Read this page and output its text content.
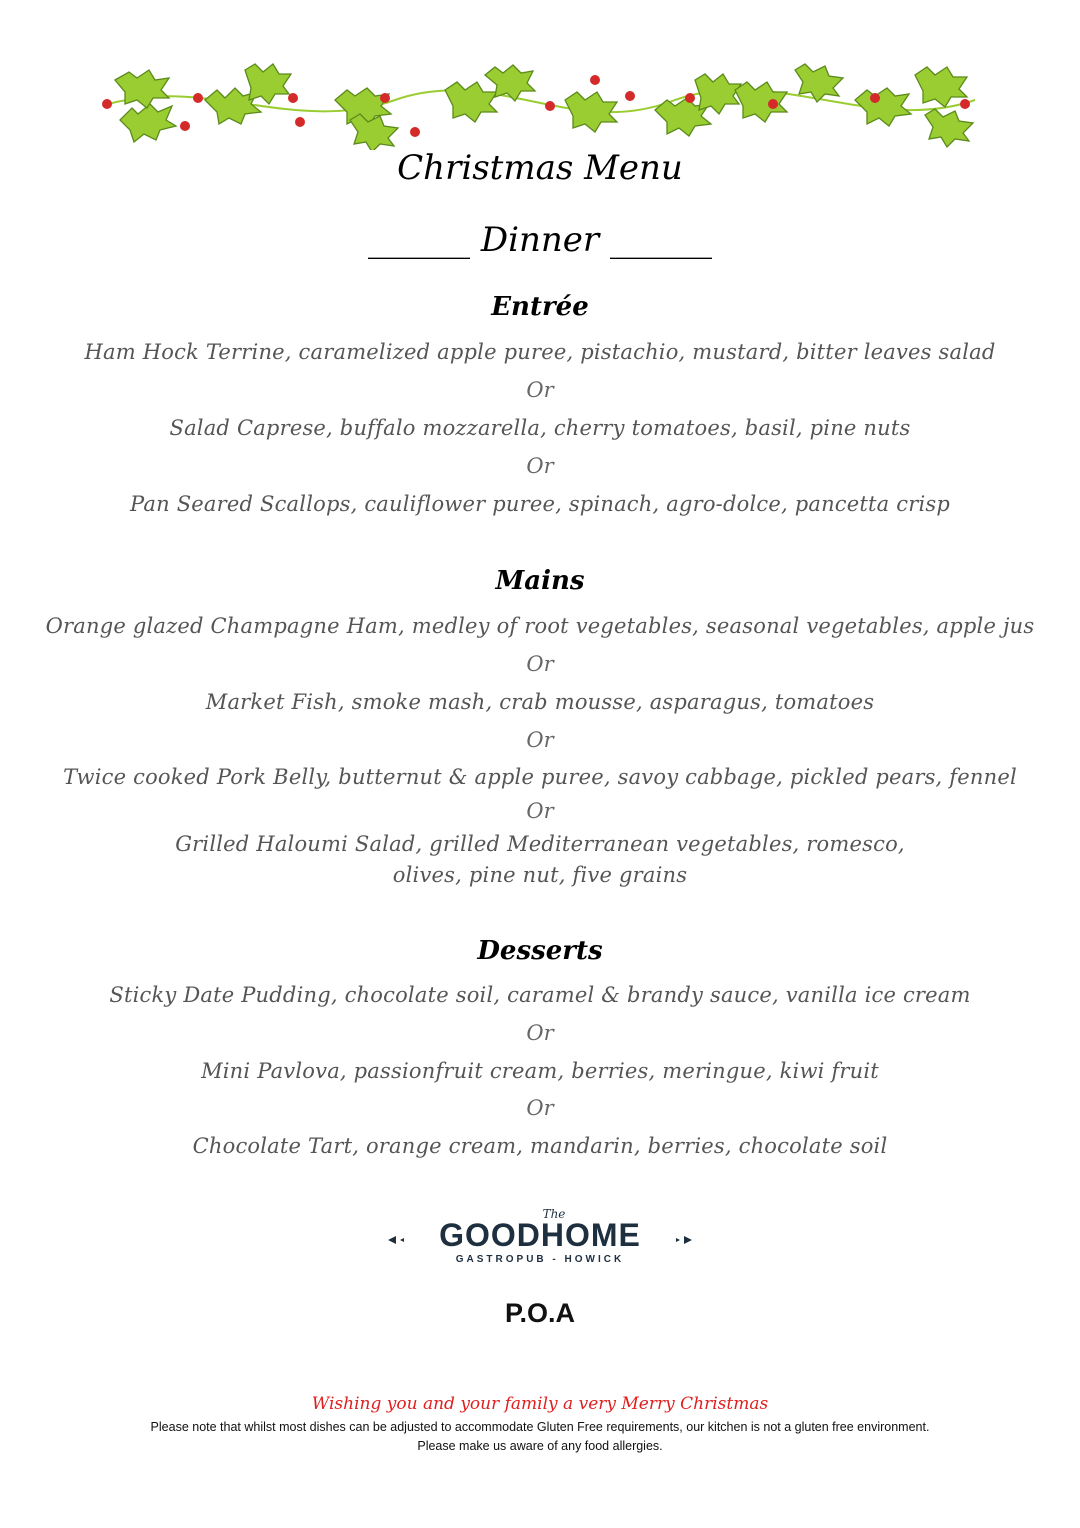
Christmas Menu
______ Dinner ______
Entrée
Ham Hock Terrine, caramelized apple puree, pistachio, mustard, bitter leaves salad
Or
Salad Caprese, buffalo mozzarella, cherry tomatoes, basil, pine nuts
Or
Pan Seared Scallops, cauliflower puree, spinach, agro-dolce, pancetta crisp
Mains
Orange glazed Champagne Ham, medley of root vegetables, seasonal vegetables, apple jus
Or
Market Fish, smoke mash, crab mousse, asparagus, tomatoes
Or
Twice cooked Pork Belly, butternut & apple puree, savoy cabbage, pickled pears, fennel
Or
Grilled Haloumi Salad, grilled Mediterranean vegetables, romesco,
olives, pine nut, five grains
Desserts
Sticky Date Pudding, chocolate soil, caramel & brandy sauce, vanilla ice cream
Or
Mini Pavlova, passionfruit cream, berries, meringue, kiwi fruit
Or
Chocolate Tart, orange cream, mandarin, berries, chocolate soil
The
GOODHOME
GASTROPUB - HOWICK
P.O.A
Wishing you and your family a very Merry Christmas
Please note that whilst most dishes can be adjusted to accommodate Gluten Free requirements, our kitchen is not a gluten free environment.
Please make us aware of any food allergies.
